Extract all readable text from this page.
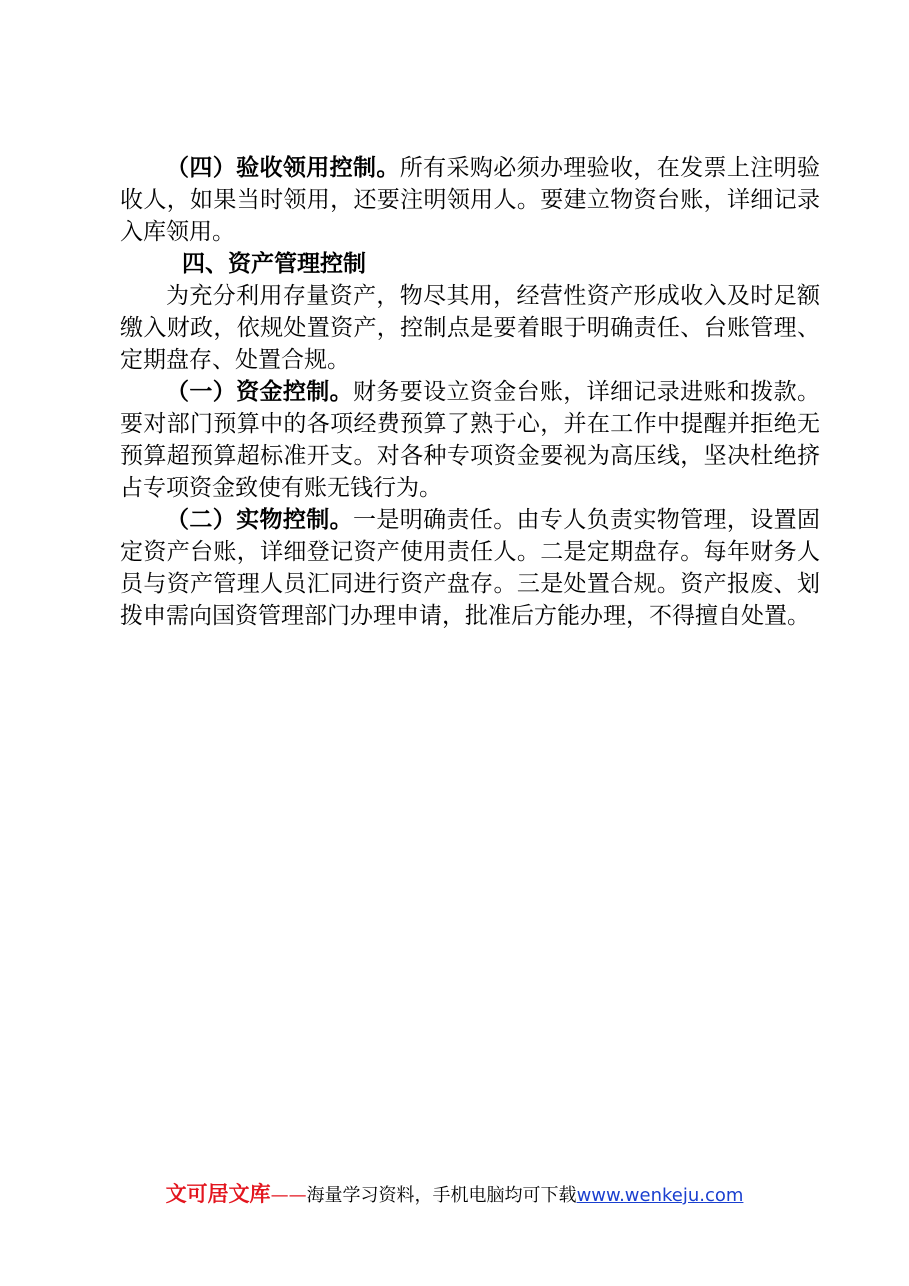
（四）验收领用控制。所有采购必须办理验收，在发票上注明验收人，如果当时领用，还要注明领用人。要建立物资台账，详细记录入库领用。

四、资产管理控制

为充分利用存量资产，物尽其用，经营性资产形成收入及时足额缴入财政，依规处置资产，控制点是要着眼于明确责任、台账管理、定期盘存、处置合规。

（一）资金控制。财务要设立资金台账，详细记录进账和拨款。要对部门预算中的各项经费预算了熟于心，并在工作中提醒并拒绝无预算超预算超标准开支。对各种专项资金要视为高压线，坚决杜绝挤占专项资金致使有账无钱行为。

（二）实物控制。一是明确责任。由专人负责实物管理，设置固定资产台账，详细登记资产使用责任人。二是定期盘存。每年财务人员与资产管理人员汇同进行资产盘存。三是处置合规。资产报废、划拨申需向国资管理部门办理申请，批准后方能办理，不得擅自处置。

文可居文库——海量学习资料，手机电脑均可下载www.wenkeju.com
